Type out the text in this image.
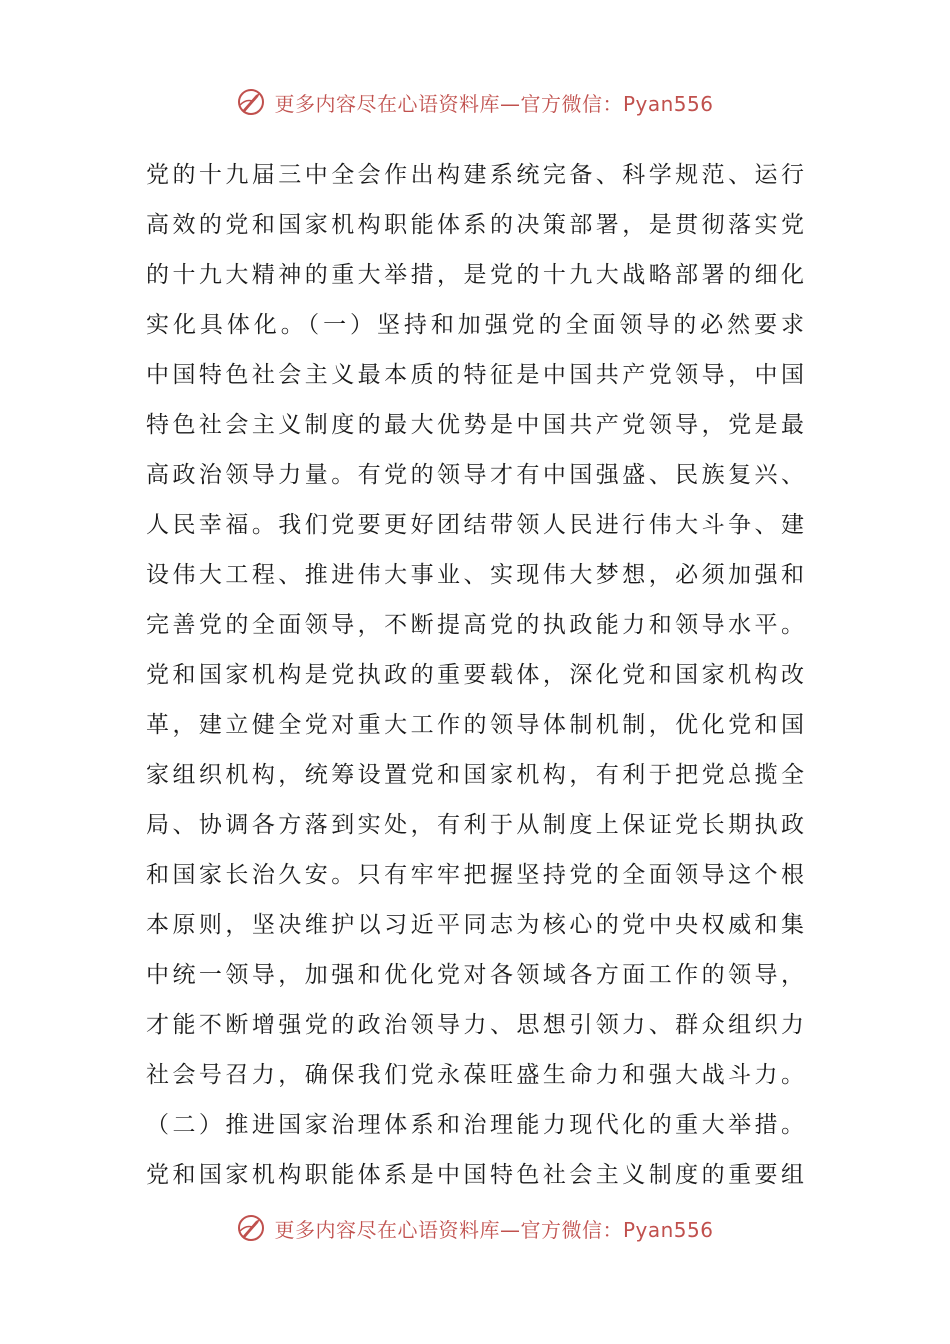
更多内容尽在心语资料库—官方微信：Pyan556
党的十九届三中全会作出构建系统完备、科学规范、运行
高效的党和国家机构职能体系的决策部署，是贯彻落实党
的十九大精神的重大举措，是党的十九大战略部署的细化
实化具体化。（一）坚持和加强党的全面领导的必然要求
中国特色社会主义最本质的特征是中国共产党领导，中国
特色社会主义制度的最大优势是中国共产党领导，党是最
高政治领导力量。有党的领导才有中国强盛、民族复兴、
人民幸福。我们党要更好团结带领人民进行伟大斗争、建
设伟大工程、推进伟大事业、实现伟大梦想，必须加强和
完善党的全面领导，不断提高党的执政能力和领导水平。
党和国家机构是党执政的重要载体，深化党和国家机构改
革，建立健全党对重大工作的领导体制机制，优化党和国
家组织机构，统筹设置党和国家机构，有利于把党总揽全
局、协调各方落到实处，有利于从制度上保证党长期执政
和国家长治久安。只有牢牢把握坚持党的全面领导这个根
本原则，坚决维护以习近平同志为核心的党中央权威和集
中统一领导，加强和优化党对各领域各方面工作的领导，
才能不断增强党的政治领导力、思想引领力、群众组织力
社会号召力，确保我们党永葆旺盛生命力和强大战斗力。
（二）推进国家治理体系和治理能力现代化的重大举措。
党和国家机构职能体系是中国特色社会主义制度的重要组
更多内容尽在心语资料库—官方微信：Pyan556
